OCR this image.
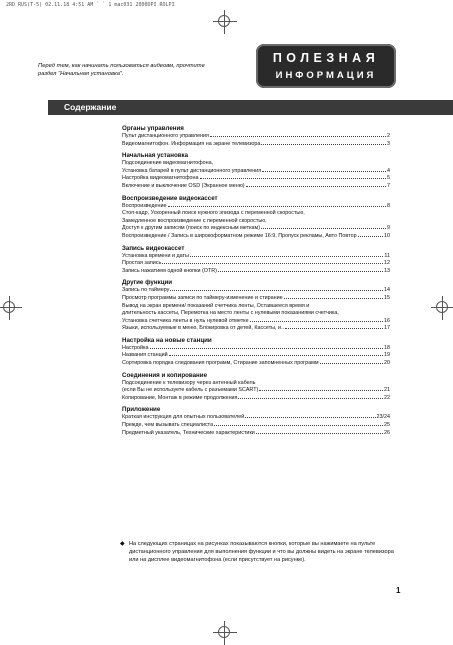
2RD RUS(T-5) 02.11.18 4:51 AM ` ` 1 mac031 2000DPI ROLPI
Перед тем, как начинать пользоваться видеовм, прочтите раздел "Начальная установка".
ПОЛЕЗНАЯ
ИНФОРМАЦИЯ
Содержание
Органы управления
Пульт дистанционного управления	2
Видеомагнитофон. Информация на экране телевизора	3
Начальная установка
Подсоединение видеомагнитофона,
Установка батарей в пульт дистанционного управления	4
Настройка видеомагнитофона	5
Включение и выключение OSD (Экранное меню)	7
Воспроизведение видеокассет
Воспроизведение	8
Стоп-кадр, Ускоренный поиск нужного эпизода с переменной скоростью,
Замедленное воспроизведение с переменной скоростью,
Доступ к другим записям (поиск по индексным меткам)	9
Воспроизведение / Запись в широкоформатном режиме 16:9, Пропуск рекламы, Авто Повтор	10
Запись видеокассет
Установка времени и даты	11
Простая запись	12
Запись нажатием одной кнопки (OTR)	13
Другие функции
Запись по таймеру	14
Просмотр программы записи по таймеру-изменение и стирание	15
Вывод на экран времени/ показаний счетчика ленты, Оставшееся время и
длительность кассеты, Перемотка на место ленты с нулевыми показаниями счетчика,
Установка счетчика ленты в нуль нулевой отметке	16
Языки, используемые в меню, Блокировка от детей, Кассеты, и..	17
Настройка на новые станции
Настройка	18
Названия станций	19
Сортировка порядка следования программ, Стирание запомненных программ	20
Соединения и копирование
Подсоединение к телевизору через антенный кабель
(если Вы не используете кабель с разъемами SCART)	21
Копирование, Монтаж в режиме продолжения	22
Приложение
Краткая инструкция для опытных пользователей	23/24
Прежде, чем вызывать специалиста	25
Предметный указатель, Технические характеристики	26
◆ На следующих страницах на рисунках показываются кнопки, которые вы нажимаете на пульте дистанционного управления для выполнения функции и что вы должны видеть на экране телевизора или на дисплее видеомагнитофона (если присутствует на рисунке).
1
